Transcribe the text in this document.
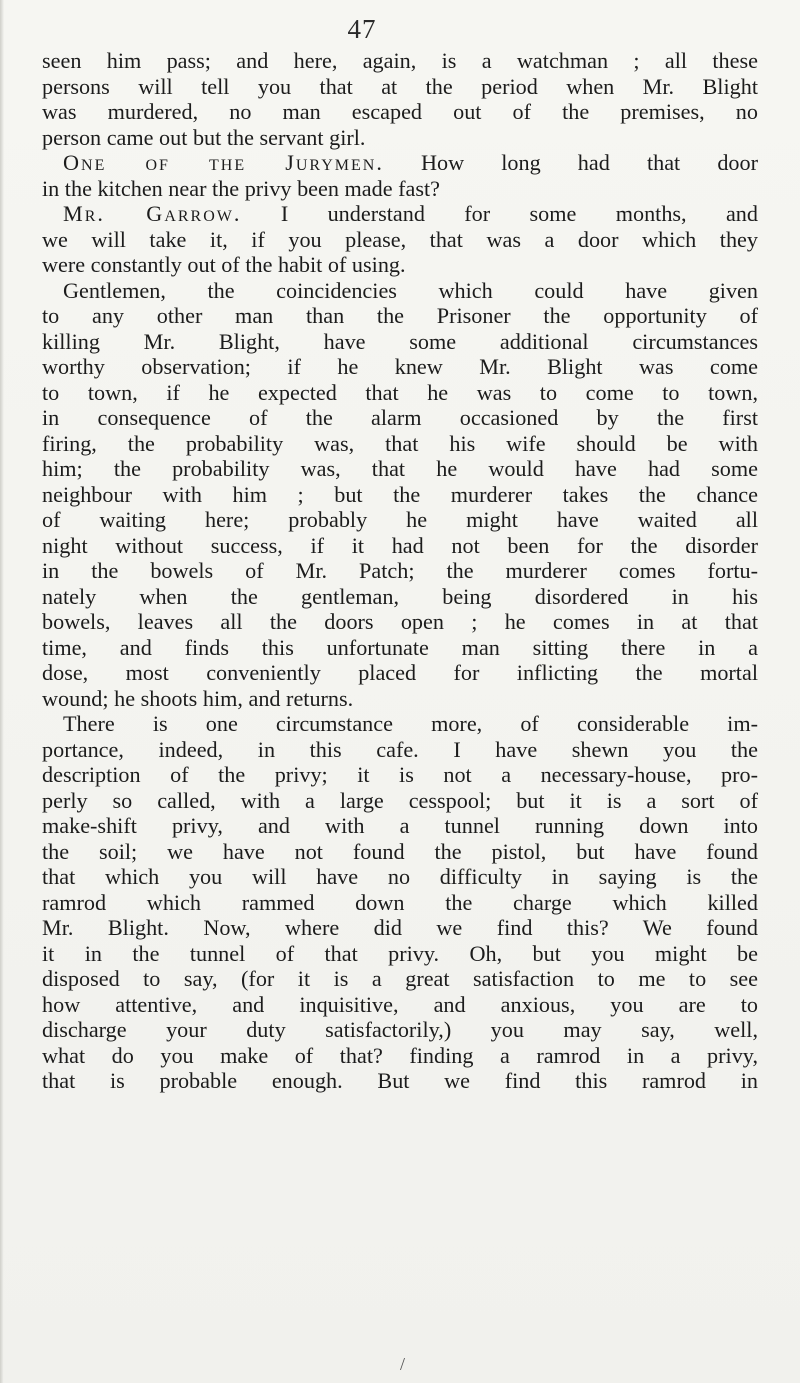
47
seen him pass; and here, again, is a watchman ; all these
persons will tell you that at the period when Mr. Blight
was murdered, no man escaped out of the premises, no
person came out but the servant girl.
One of the Jurymen. How long had that door
in the kitchen near the privy been made fast?
Mr. Garrow. I understand for some months, and
we will take it, if you please, that was a door which they
were constantly out of the habit of using.
Gentlemen, the coincidencies which could have given
to any other man than the Prisoner the opportunity of
killing Mr. Blight, have some additional circumstances
worthy observation; if he knew Mr. Blight was come
to town, if he expected that he was to come to town,
in consequence of the alarm occasioned by the first
firing, the probability was, that his wife should be with
him; the probability was, that he would have had some
neighbour with him ; but the murderer takes the chance
of waiting here; probably he might have waited all
night without success, if it had not been for the disorder
in the bowels of Mr. Patch; the murderer comes fortu-
nately when the gentleman, being disordered in his
bowels, leaves all the doors open ; he comes in at that
time, and finds this unfortunate man sitting there in a
dose, most conveniently placed for inflicting the mortal
wound; he shoots him, and returns.
There is one circumstance more, of considerable im-
portance, indeed, in this cafe. I have shewn you the
description of the privy; it is not a necessary-house, pro-
perly so called, with a large cesspool; but it is a sort of
make-shift privy, and with a tunnel running down into
the soil; we have not found the pistol, but have found
that which you will have no difficulty in saying is the
ramrod which rammed down the charge which killed
Mr. Blight. Now, where did we find this? We found
it in the tunnel of that privy. Oh, but you might be
disposed to say, (for it is a great satisfaction to me to see
how attentive, and inquisitive, and anxious, you are to
discharge your duty satisfactorily,) you may say, well,
what do you make of that? finding a ramrod in a privy,
that is probable enough. But we find this ramrod in
/
